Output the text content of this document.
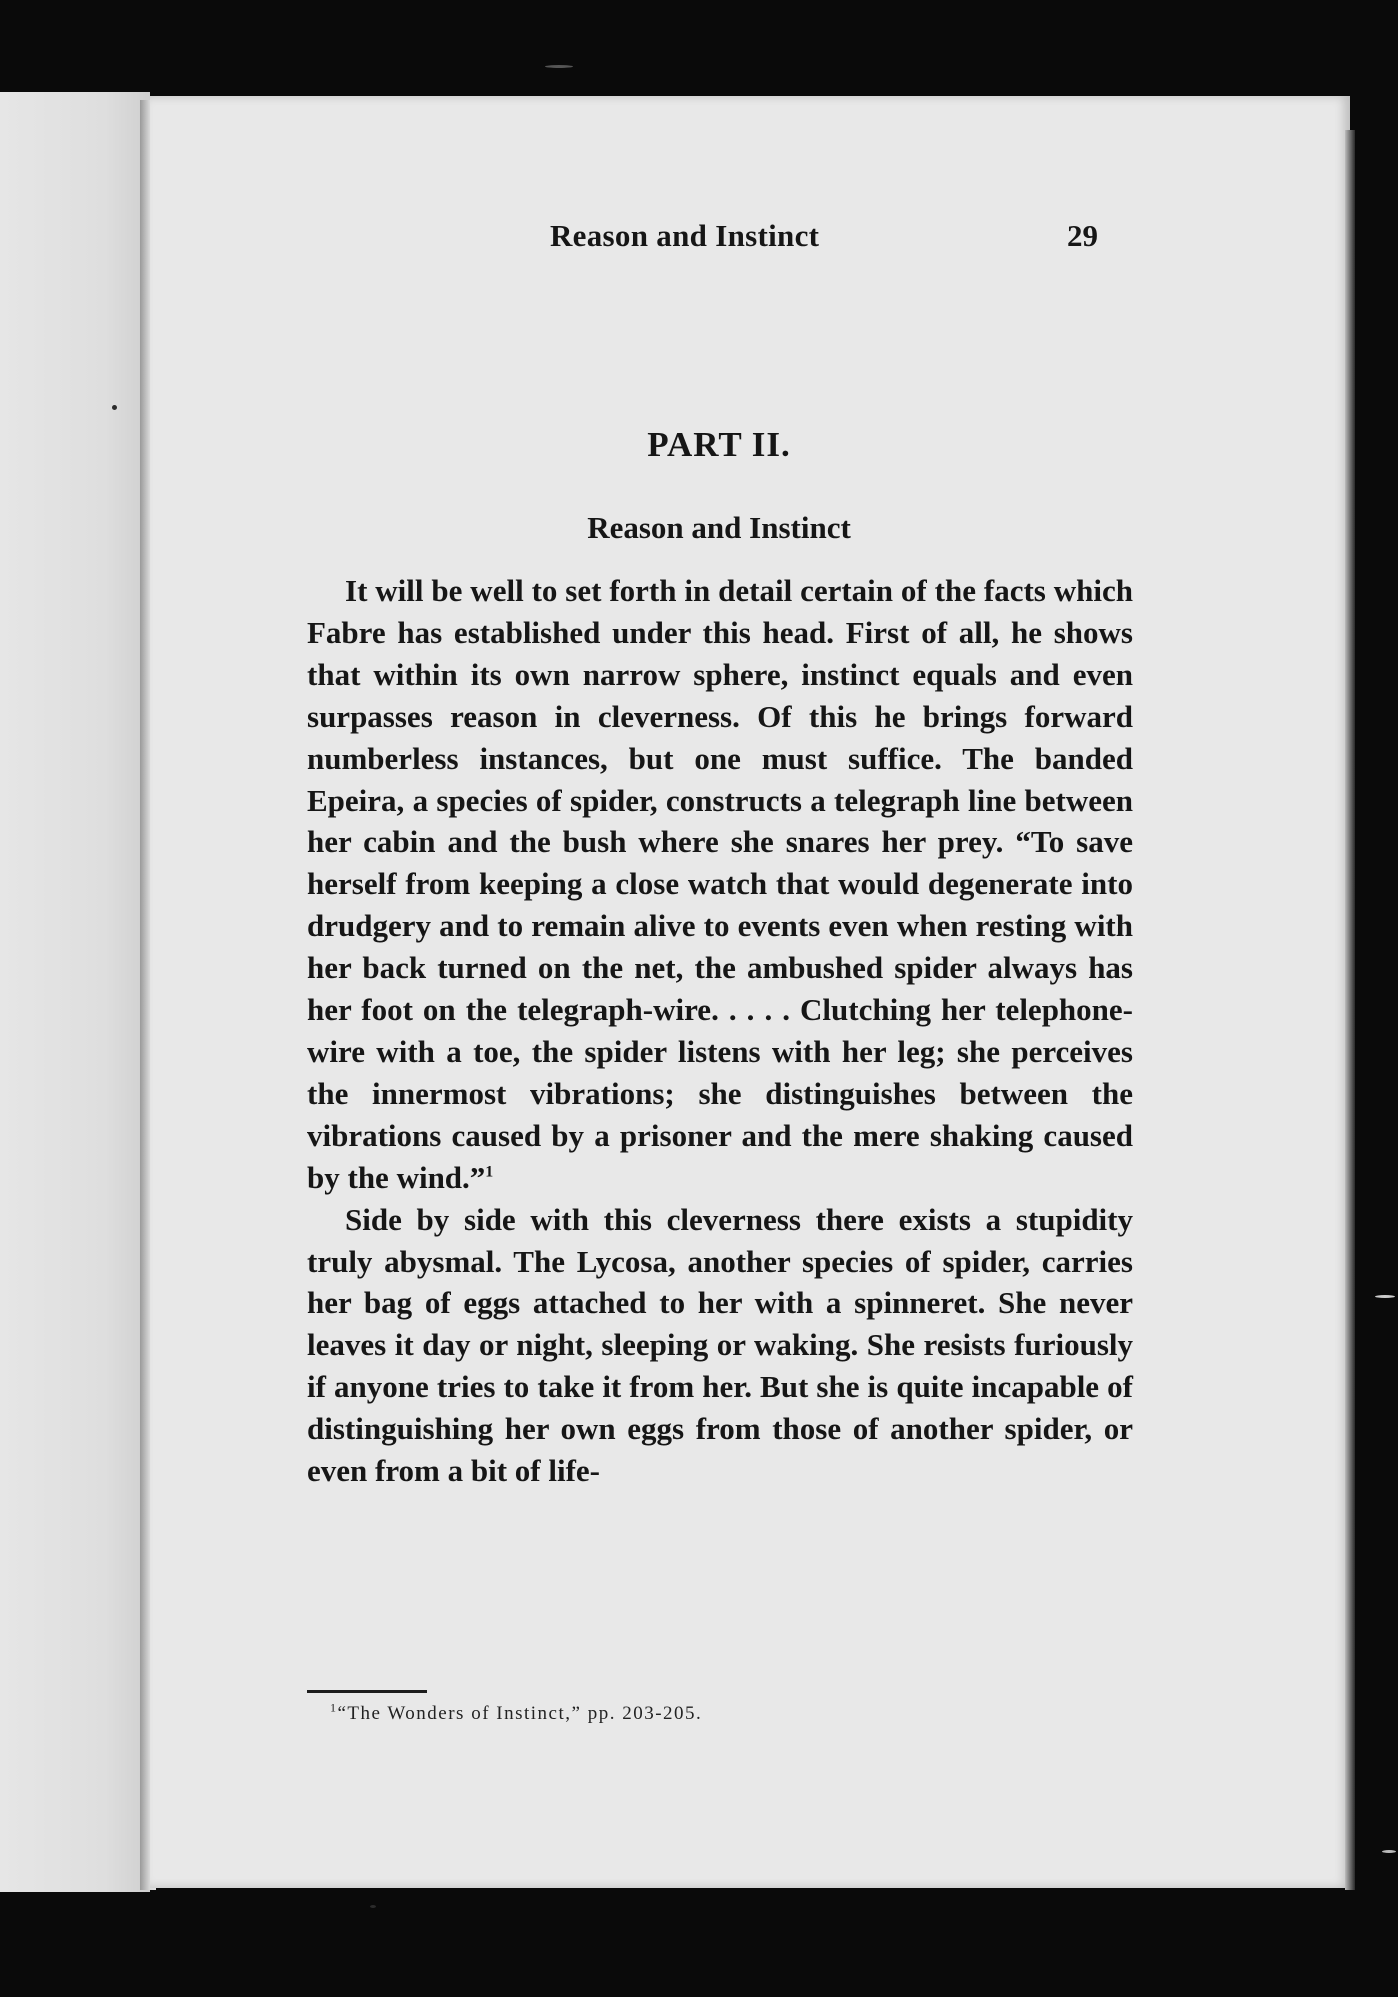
Reason and Instinct	29
PART II.
Reason and Instinct

It will be well to set forth in detail certain of the facts which Fabre has established under this head. First of all, he shows that within its own narrow sphere, instinct equals and even surpasses reason in cleverness. Of this he brings forward numberless instances, but one must suffice. The banded Epeira, a species of spider, constructs a telegraph line between her cabin and the bush where she snares her prey. “To save herself from keeping a close watch that would degenerate into drudgery and to remain alive to events even when resting with her back turned on the net, the ambushed spider always has her foot on the telegraph-wire. . . . . Clutching her telephone-wire with a toe, the spider listens with her leg; she perceives the innermost vibrations; she distinguishes between the vibrations caused by a prisoner and the mere shaking caused by the wind.”$^1$

Side by side with this cleverness there exists a stupidity truly abysmal. The Lycosa, another species of spider, carries her bag of eggs attached to her with a spinneret. She never leaves it day or night, sleeping or waking. She resists furiously if anyone tries to take it from her. But she is quite incapable of distinguishing her own eggs from those of another spider, or even from a bit of life-

$^1$“The Wonders of Instinct,” pp. 203-205.
